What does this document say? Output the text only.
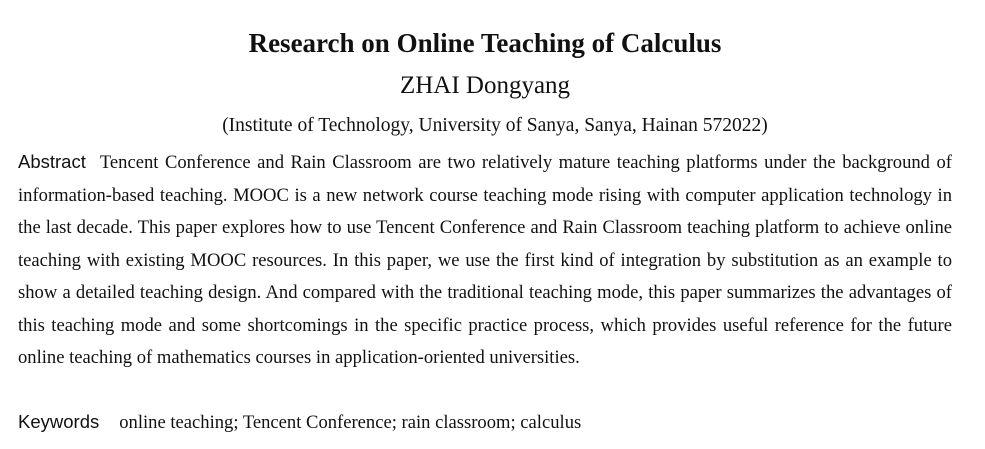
Research on Online Teaching of Calculus
ZHAI Dongyang
(Institute of Technology, University of Sanya, Sanya, Hainan 572022)

Abstract Tencent Conference and Rain Classroom are two relatively mature teaching platforms under the background of information-based teaching. MOOC is a new network course teaching mode rising with computer application technology in the last decade. This paper explores how to use Tencent Conference and Rain Classroom teaching platform to achieve online teaching with existing MOOC resources. In this paper, we use the first kind of integration by substitution as an example to show a detailed teaching design. And compared with the traditional teaching mode, this paper summarizes the advantages of this teaching mode and some shortcomings in the specific practice process, which provides useful reference for the future online teaching of mathematics courses in application-oriented universities.

Keywords online teaching; Tencent Conference; rain classroom; calculus
